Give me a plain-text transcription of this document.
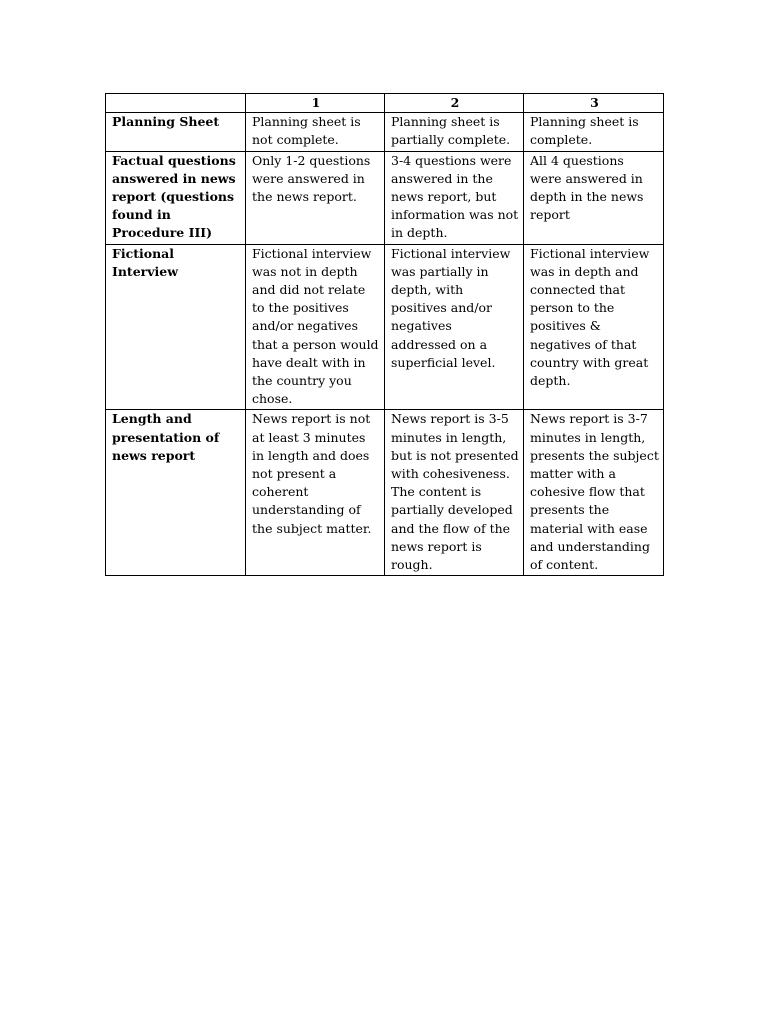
	1	2	3
Planning Sheet	Planning sheet is not complete.	Planning sheet is partially complete.	Planning sheet is complete.
Factual questions answered in news report (questions found in Procedure III)	Only 1-2 questions were answered in the news report.	3-4 questions were answered in the news report, but information was not in depth.	All 4 questions were answered in depth in the news report
Fictional Interview	Fictional interview was not in depth and did not relate to the positives and/or negatives that a person would have dealt with in the country you chose.	Fictional interview was partially in depth, with positives and/or negatives addressed on a superficial level.	Fictional interview was in depth and connected that person to the positives & negatives of that country with great depth.
Length and presentation of news report	News report is not at least 3 minutes in length and does not present a coherent understanding of the subject matter.	News report is 3-5 minutes in length, but is not presented with cohesiveness. The content is partially developed and the flow of the news report is rough.	News report is 3-7 minutes in length, presents the subject matter with a cohesive flow that presents the material with ease and understanding of content.
